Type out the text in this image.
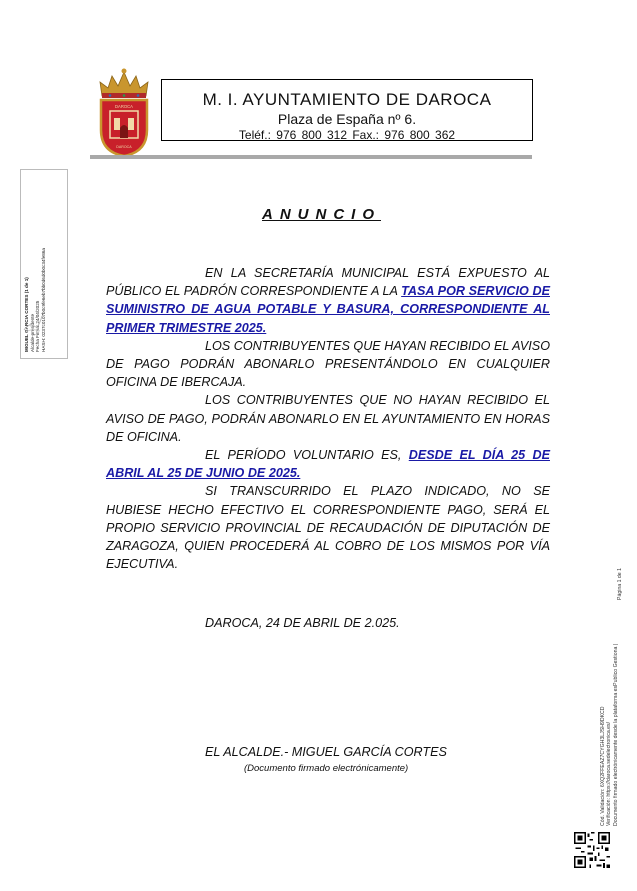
DAROCA
DAROCA
M. I. AYUNTAMIENTO DE DAROCA
Plaza de España nº 6.
Teléf.: 976 800 312 Fax.: 976 800 362
ANUNCIO

EN LA SECRETARÍA MUNICIPAL ESTÁ EXPUESTO AL PÚBLICO EL PADRÓN CORRESPONDIENTE A LA TASA POR SERVICIO DE SUMINISTRO DE AGUA POTABLE Y BASURA, CORRESPONDIENTE AL PRIMER TRIMESTRE 2025.

LOS CONTRIBUYENTES QUE HAYAN RECIBIDO EL AVISO DE PAGO PODRÁN ABONARLO PRESENTÁNDOLO EN CUALQUIER OFICINA DE IBERCAJA.

LOS CONTRIBUYENTES QUE NO HAYAN RECIBIDO EL AVISO DE PAGO, PODRÁN ABONARLO EN EL AYUNTAMIENTO EN HORAS DE OFICINA.

EL PERÍODO VOLUNTARIO ES, DESDE EL DÍA 25 DE ABRIL AL 25 DE JUNIO DE 2025.

SI TRANSCURRIDO EL PLAZO INDICADO, NO SE HUBIESE HECHO EFECTIVO EL CORRESPONDIENTE PAGO, SERÁ EL PROPIO SERVICIO PROVINCIAL DE RECAUDACIÓN DE DIPUTACIÓN DE ZARAGOZA, QUIEN PROCEDERÁ AL COBRO DE LOS MISMOS POR VÍA EJECUTIVA.

DAROCA, 24 DE ABRIL DE 2.025.
EL ALCALDE.- MIGUEL GARCÍA CORTES
(Documento firmado electrónicamente)
MIGUEL GARCIA CORTES (1 de 1) Alcalde-presidente Fecha Firma: 24/04/2025 HASH: 0237c0107b0c9fe6eb7bb0d6d0b0c34fe86a
Cód. Validación: 6XQ2FFEAZ7CYGH3LJSH9DKCD Verificación: https://daroca.sedelectronica.es/ Documento firmado electrónicamente desde la plataforma esPublico Gestiona |
Página 1 de 1
